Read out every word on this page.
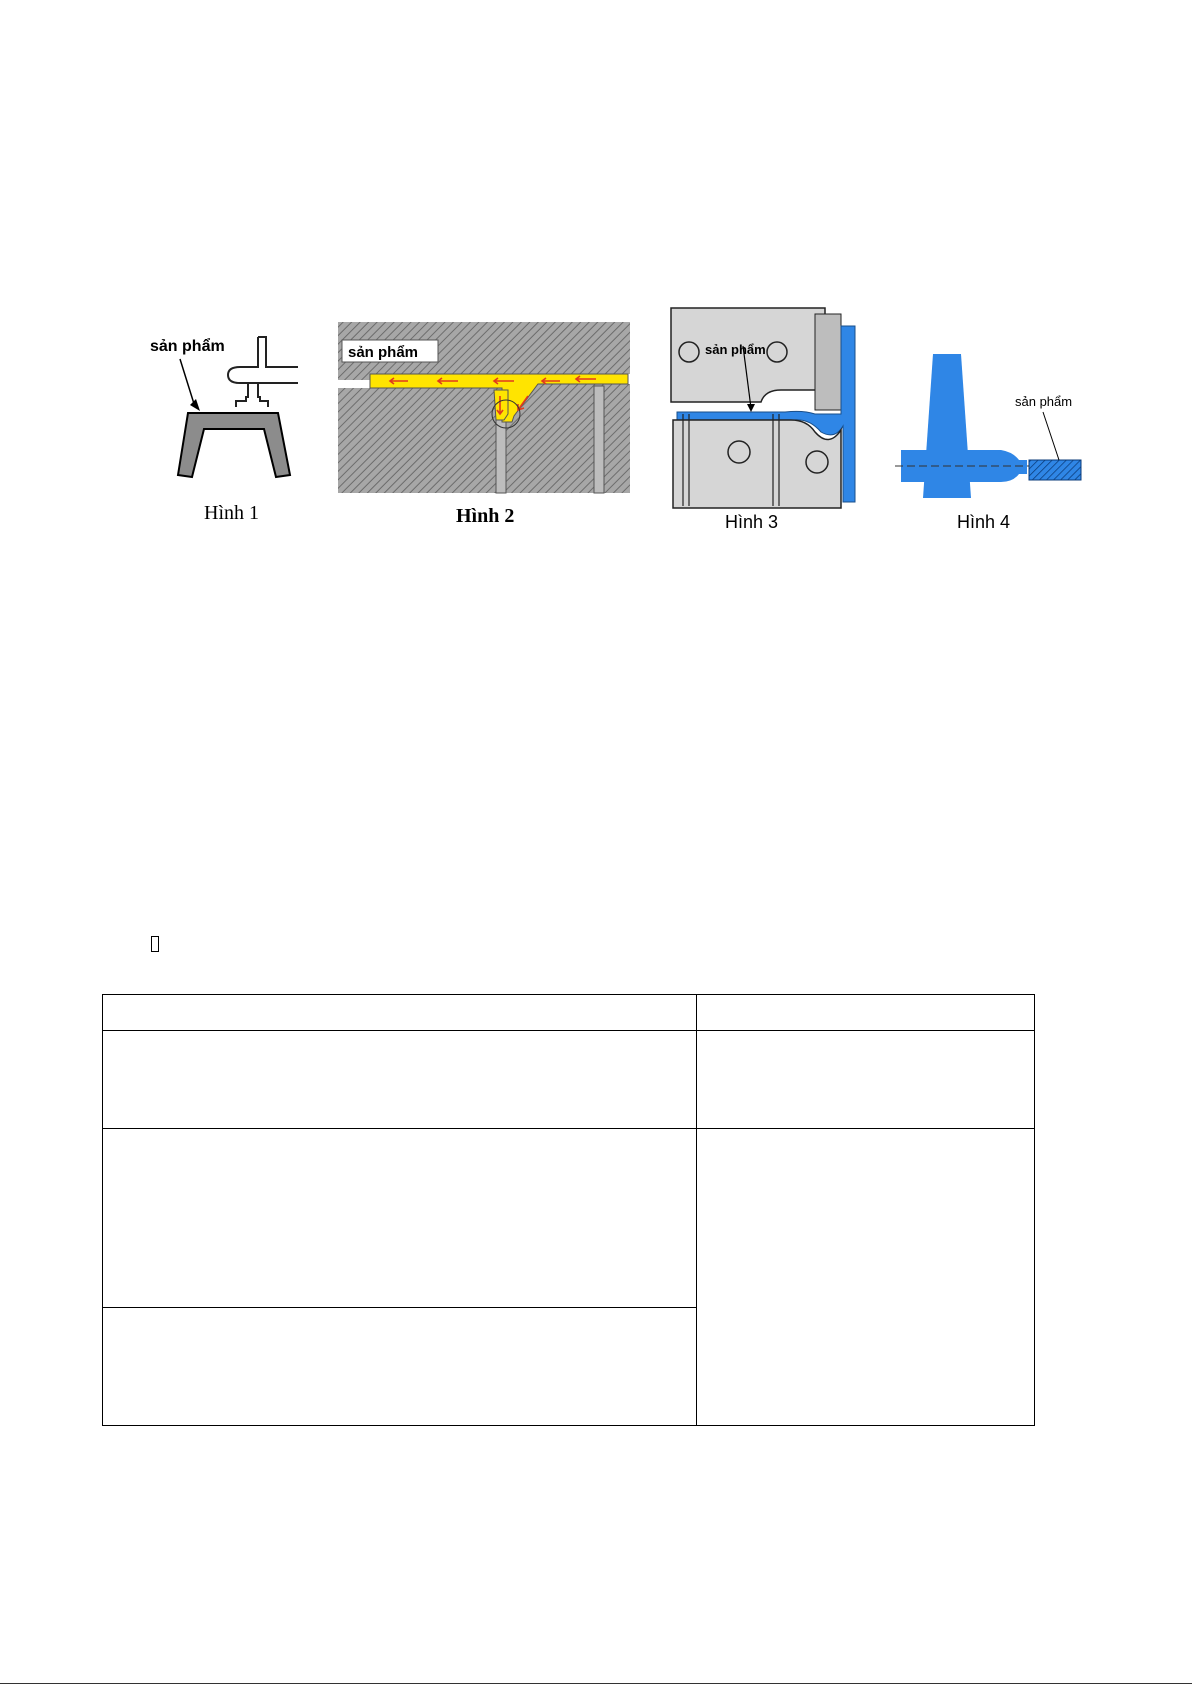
sản phẩm
Hình 1
sản phẩm
Hình 2
sản phẩm
Hình 3
sản phẩm
Hình 4
